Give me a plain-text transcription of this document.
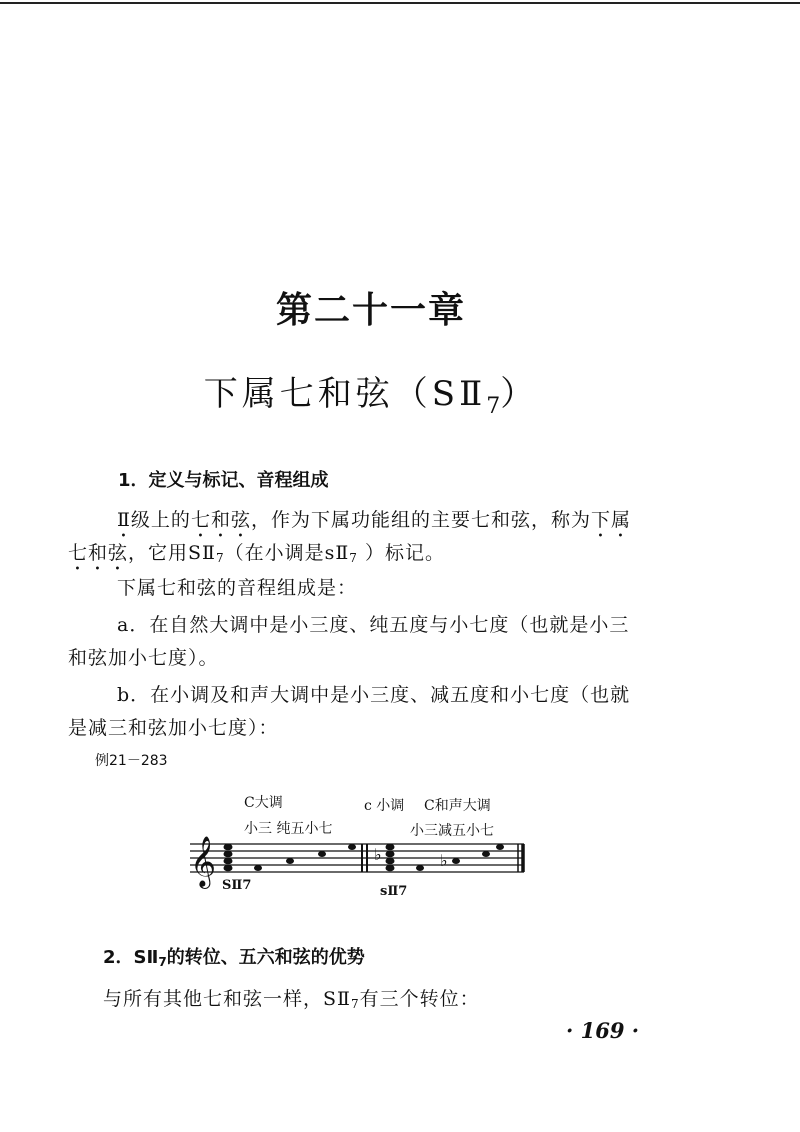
第二十一章
下属七和弦$(SⅡ_7)$
1．定义与标记、音程组成
Ⅱ级上的七和弦，作为下属功能组的主要七和弦，称为下属
七和弦，它用$SⅡ_7$（在小调是$sⅡ_7$ ）标记。
下属七和弦的音程组成是：
a．在自然大调中是小三度、纯五度与小七度（也就是小三
和弦加小七度）。
b．在小调及和声大调中是小三度、减五度和小七度（也就
是减三和弦加小七度）：
例21－283
C大调
小三 纯五小七
c 小调 C和声大调
小三减五小七
𝄞	♭	♭
SⅡ7	sⅡ7
2．$SⅡ_7$的转位、五六和弦的优势
与所有其他七和弦一样，$SⅡ_7$有三个转位：
· 169 ·
